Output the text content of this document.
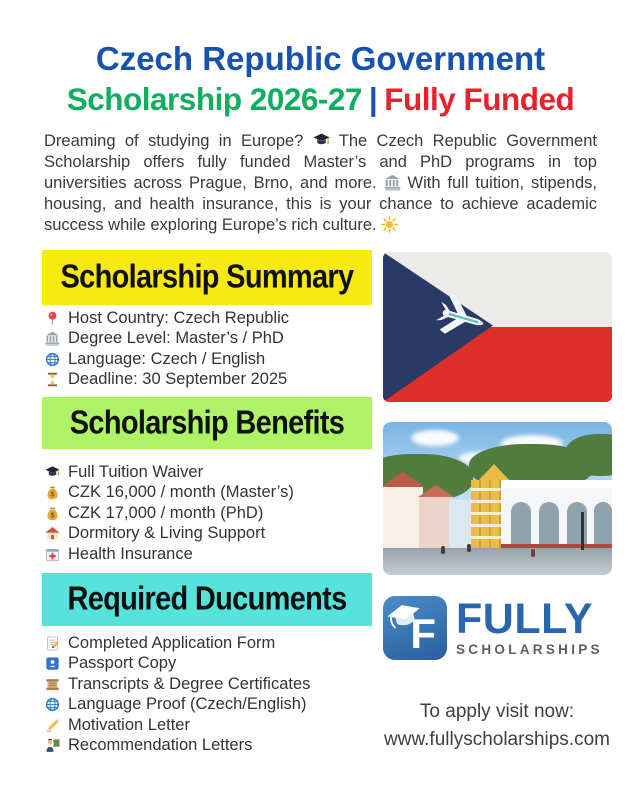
Czech Republic Government
Scholarship 2026-27 | Fully Funded

Dreaming of studying in Europe? The Czech Republic Government Scholarship offers fully funded Master’s and PhD programs in top universities across Prague, Brno, and more. With full tuition, stipends, housing, and health insurance, this is your chance to achieve academic success while exploring Europe’s rich culture.

Scholarship Summary
Host Country: Czech Republic
Degree Level: Master’s / PhD
Language: Czech / English
Deadline: 30 September 2025
Scholarship Benefits
Full Tuition Waiver
$ CZK 16,000 / month (Master’s)
$ CZK 17,000 / month (PhD)
Dormitory & Living Support
Health Insurance
Required Ducuments
Completed Application Form
Passport Copy
Transcripts & Degree Certificates
Language Proof (Czech/English)
Motivation Letter
Recommendation Letters
F FULLY
SCHOLARSHIPS
To apply visit now:
www.fullyscholarships.com
